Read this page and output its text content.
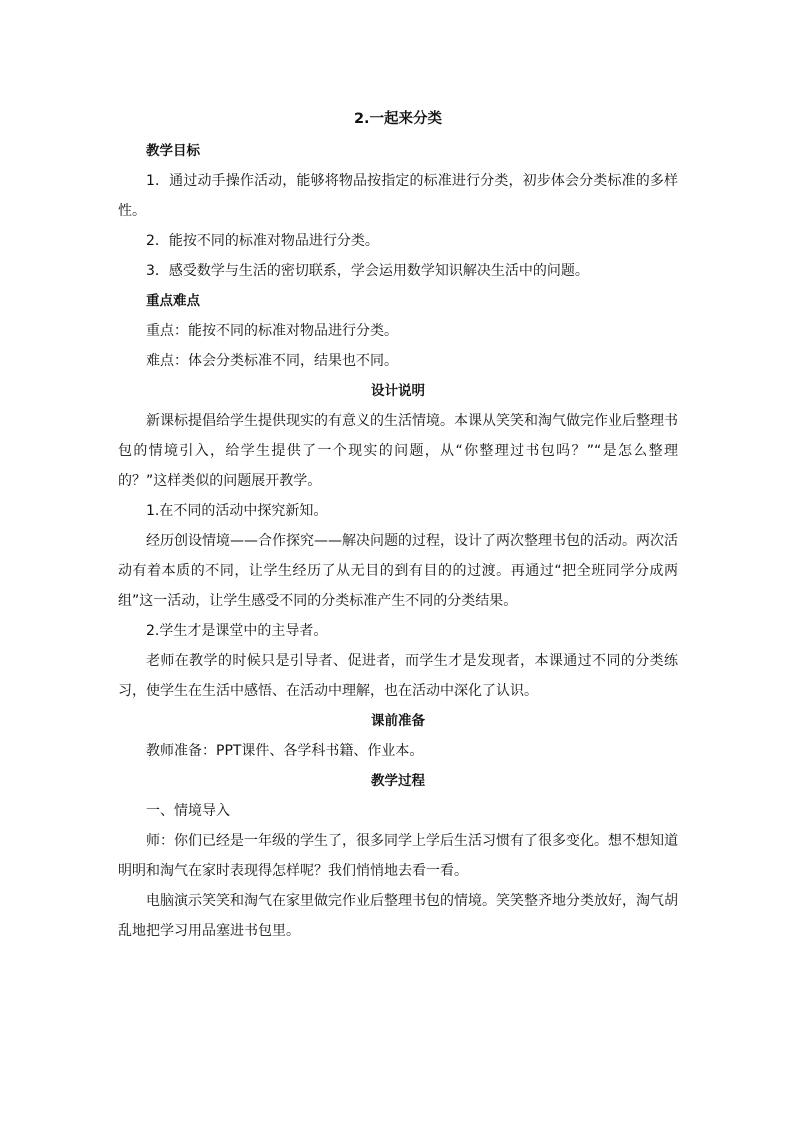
2.一起来分类
教学目标

1．通过动手操作活动，能够将物品按指定的标准进行分类，初步体会分类标准的多样性。

2．能按不同的标准对物品进行分类。

3．感受数学与生活的密切联系，学会运用数学知识解决生活中的问题。

重点难点

重点：能按不同的标准对物品进行分类。

难点：体会分类标准不同，结果也不同。

设计说明

新课标提倡给学生提供现实的有意义的生活情境。本课从笑笑和淘气做完作业后整理书包的情境引入，给学生提供了一个现实的问题，从“你整理过书包吗？”“是怎么整理的？”这样类似的问题展开教学。

1.在不同的活动中探究新知。

经历创设情境——合作探究——解决问题的过程，设计了两次整理书包的活动。两次活动有着本质的不同，让学生经历了从无目的到有目的的过渡。再通过“把全班同学分成两组”这一活动，让学生感受不同的分类标准产生不同的分类结果。

2.学生才是课堂中的主导者。

老师在教学的时候只是引导者、促进者，而学生才是发现者，本课通过不同的分类练习，使学生在生活中感悟、在活动中理解，也在活动中深化了认识。

课前准备

教师准备：PPT课件、各学科书籍、作业本。

教学过程

一、情境导入

师：你们已经是一年级的学生了，很多同学上学后生活习惯有了很多变化。想不想知道明明和淘气在家时表现得怎样呢？我们悄悄地去看一看。

电脑演示笑笑和淘气在家里做完作业后整理书包的情境。笑笑整齐地分类放好，淘气胡乱地把学习用品塞进书包里。
